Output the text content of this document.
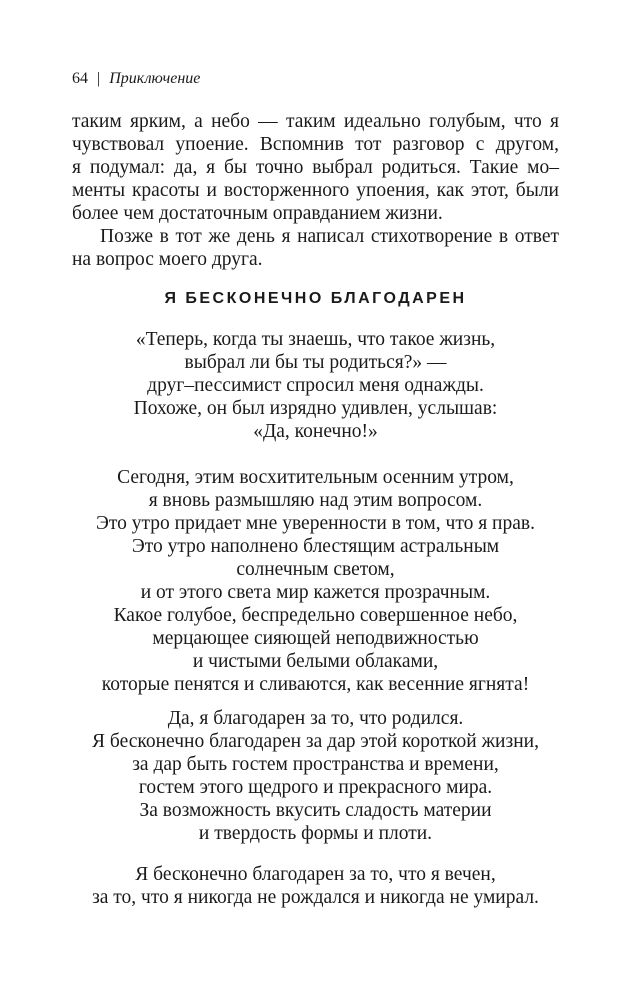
64 | Приключение
таким ярким, а небо — таким идеально голубым, что я
чувствовал упоение. Вспомнив тот разговор с другом,
я подумал: да, я бы точно выбрал родиться. Такие мо–
менты красоты и восторженного упоения, как этот, были
более чем достаточным оправданием жизни.
Позже в тот же день я написал стихотворение в ответ
на вопрос моего друга.
Я БЕСКОНЕЧНО БЛАГОДАРЕН
«Теперь, когда ты знаешь, что такое жизнь,
выбрал ли бы ты родиться?» —
друг–пессимист спросил меня однажды.
Похоже, он был изрядно удивлен, услышав:
«Да, конечно!»
Сегодня, этим восхитительным осенним утром,
я вновь размышляю над этим вопросом.
Это утро придает мне уверенности в том, что я прав.
Это утро наполнено блестящим астральным
солнечным светом,
и от этого света мир кажется прозрачным.
Какое голубое, беспредельно совершенное небо,
мерцающее сияющей неподвижностью
и чистыми белыми облаками,
которые пенятся и сливаются, как весенние ягнята!
Да, я благодарен за то, что родился.
Я бесконечно благодарен за дар этой короткой жизни,
за дар быть гостем пространства и времени,
гостем этого щедрого и прекрасного мира.
За возможность вкусить сладость материи
и твердость формы и плоти.
Я бесконечно благодарен за то, что я вечен,
за то, что я никогда не рождался и никогда не умирал.
